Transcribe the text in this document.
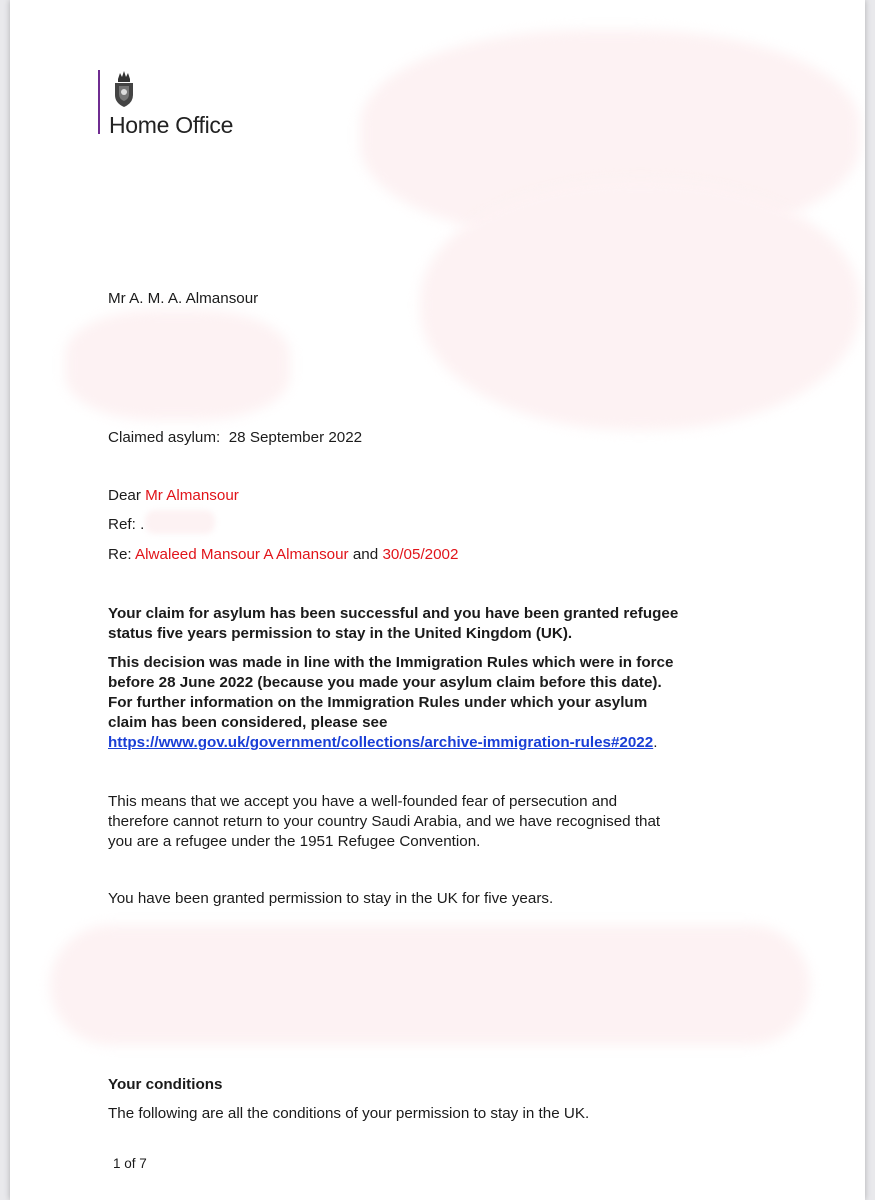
Home Office
Mr A. M. A. Almansour
Claimed asylum: 28 September 2022
Dear Mr Almansour
Ref: .
Re: Alwaleed Mansour A Almansour and 30/05/2002
Your claim for asylum has been successful and you have been granted refugee
status five years permission to stay in the United Kingdom (UK).
This decision was made in line with the Immigration Rules which were in force
before 28 June 2022 (because you made your asylum claim before this date).
For further information on the Immigration Rules under which your asylum
claim has been considered, please see
https://www.gov.uk/government/collections/archive-immigration-rules#2022.
This means that we accept you have a well-founded fear of persecution and
therefore cannot return to your country Saudi Arabia, and we have recognised that
you are a refugee under the 1951 Refugee Convention.
You have been granted permission to stay in the UK for five years.
Your conditions
The following are all the conditions of your permission to stay in the UK.
1 of 7
